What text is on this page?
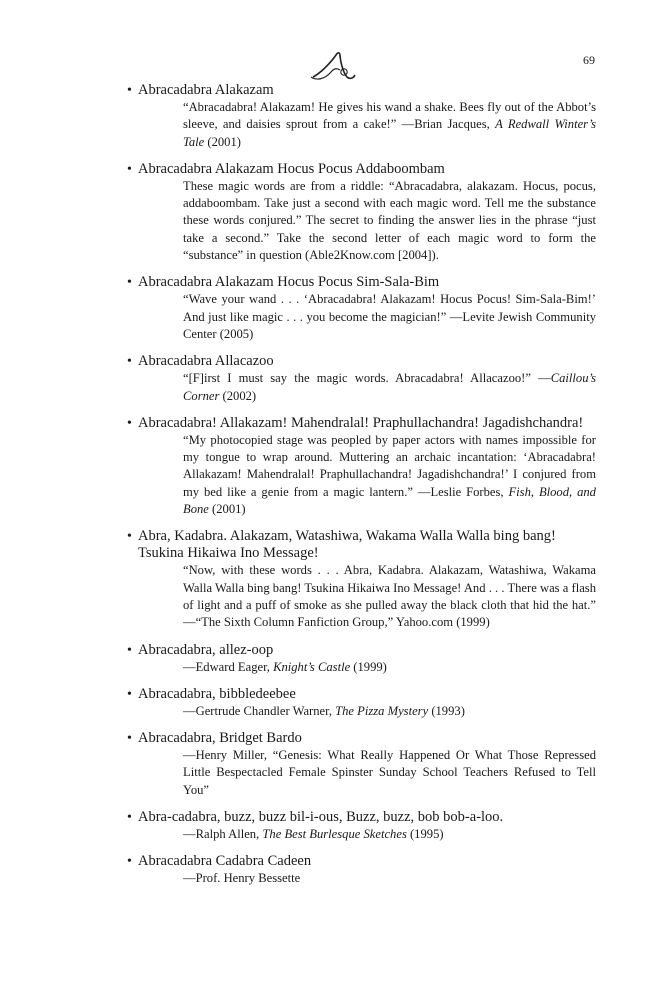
A
69
• Abracadabra Alakazam
“Abracadabra! Alakazam! He gives his wand a shake. Bees fly out of the Abbot’s sleeve, and daisies sprout from a cake!” —Brian Jacques, A Redwall Winter’s Tale (2001)
• Abracadabra Alakazam Hocus Pocus Addaboombam
These magic words are from a riddle: “Abracadabra, alakazam. Hocus, pocus, addaboombam. Take just a second with each magic word. Tell me the substance these words conjured.” The secret to finding the answer lies in the phrase “just take a second.” Take the second letter of each magic word to form the “substance” in question (Able2Know.com [2004]).
• Abracadabra Alakazam Hocus Pocus Sim-Sala-Bim
“Wave your wand . . . ‘Abracadabra! Alakazam! Hocus Pocus! Sim-Sala-Bim!’ And just like magic . . . you become the magician!” —Levite Jewish Community Center (2005)
• Abracadabra Allacazoo
“[F]irst I must say the magic words. Abracadabra! Allacazoo!” —Caillou’s Corner (2002)
• Abracadabra! Allakazam! Mahendralal! Praphullachandra! Jagadishchandra!
“My photocopied stage was peopled by paper actors with names impossible for my tongue to wrap around. Muttering an archaic incantation: ‘Abracadabra! Allakazam! Mahendralal! Praphullachandra! Jagadishchandra!’ I conjured from my bed like a genie from a magic lantern.” —Leslie Forbes, Fish, Blood, and Bone (2001)
• Abra, Kadabra. Alakazam, Watashiwa, Wakama Walla Walla bing bang! Tsukina Hikaiwa Ino Message!
“Now, with these words . . . Abra, Kadabra. Alakazam, Watashiwa, Wakama Walla Walla bing bang! Tsukina Hikaiwa Ino Message! And . . . There was a flash of light and a puff of smoke as she pulled away the black cloth that hid the hat.” —“The Sixth Column Fanfiction Group,” Yahoo.com (1999)
• Abracadabra, allez-oop
—Edward Eager, Knight’s Castle (1999)
• Abracadabra, bibbledeebee
—Gertrude Chandler Warner, The Pizza Mystery (1993)
• Abracadabra, Bridget Bardo
—Henry Miller, “Genesis: What Really Happened Or What Those Repressed Little Bespectacled Female Spinster Sunday School Teachers Refused to Tell You”
• Abra-cadabra, buzz, buzz bil-i-ous, Buzz, buzz, bob bob-a-loo.
—Ralph Allen, The Best Burlesque Sketches (1995)
• Abracadabra Cadabra Cadeen
—Prof. Henry Bessette
